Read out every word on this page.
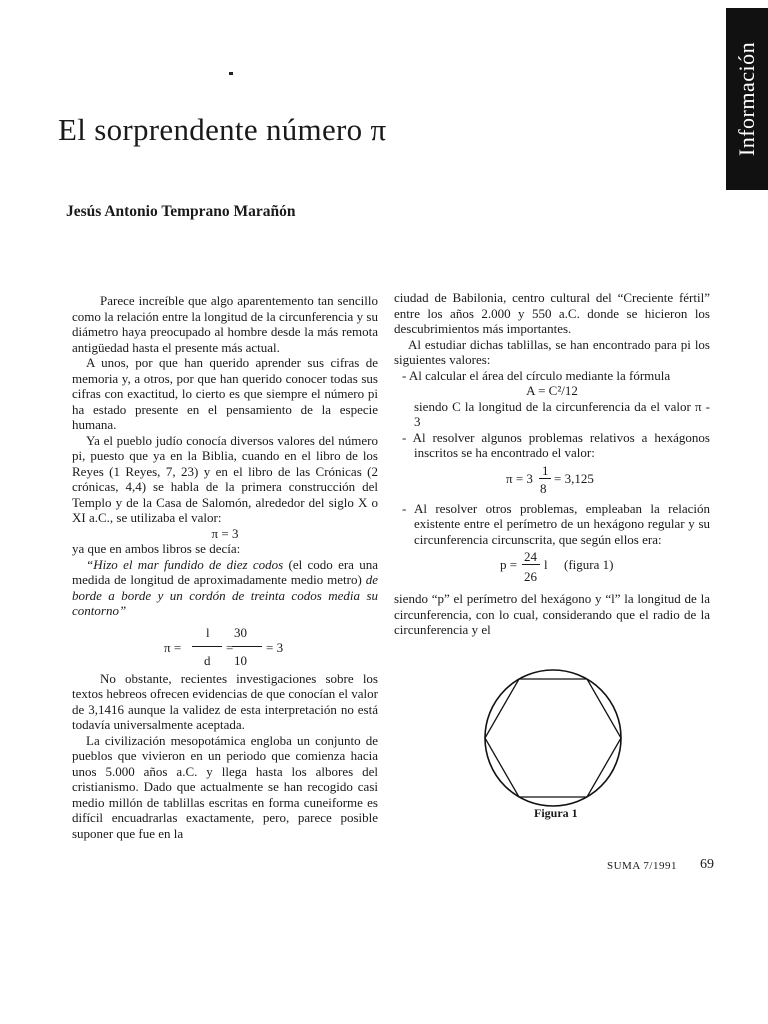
Información
El sorprendente número π
Jesús Antonio Temprano Marañón

Parece increíble que algo aparentemento tan sencillo como la relación entre la longitud de la circunferencia y su diámetro haya preocupado al hombre desde la más remota antigüedad hasta el presente más actual.

A unos, por que han querido aprender sus cifras de memoria y, a otros, por que han querido conocer todas sus cifras con exactitud, lo cierto es que siempre el número pi ha estado presente en el pensamiento de la especie humana.

Ya el pueblo judío conocía diversos valores del número pi, puesto que ya en la Biblia, cuando en el libro de los Reyes (1 Reyes, 7, 23) y en el libro de las Crónicas (2 crónicas, 4,4) se habla de la primera construcción del Templo y de la Casa de Salomón, alrededor del siglo X o XI a.C., se utilizaba el valor:

π = 3

ya que en ambos libros se decía:

“Hizo el mar fundido de diez codos (el codo era una medida de longitud de aproximadamente medio metro) de borde a borde y un cordón de treinta codos media su contorno”

l
π =
d
=
30
10
= 3

No obstante, recientes investigaciones sobre los textos hebreos ofrecen evidencias de que conocían el valor de 3,1416 aunque la validez de esta interpretación no está todavía universalmente aceptada.

La civilización mesopotámica engloba un conjunto de pueblos que vivieron en un periodo que comienza hacia unos 5.000 años a.C. y llega hasta los albores del cristianismo. Dado que actualmente se han recogido casi medio millón de tablillas escritas en forma cuneiforme es difícil encuadrarlas exactamente, pero, parece posible suponer que fue en la

ciudad de Babilonia, centro cultural del “Creciente fértil” entre los años 2.000 y 550 a.C. donde se hicieron los descubrimientos más importantes.

Al estudiar dichas tablillas, se han encontrado para pi los siguientes valores:

- Al calcular el área del círculo mediante la fórmula

A = C²/12

siendo C la longitud de la circunferencia da el valor π - 3

- Al resolver algunos problemas relativos a hexágonos inscritos se ha encontrado el valor:

π = 3
1
8
= 3,125

- Al resolver otros problemas, empleaban la relación existente entre el perímetro de un hexágono regular y su circunferencia circunscrita, que según ellos era:

p =
24
26
l (figura 1)

siendo “p” el perímetro del hexágono y “l” la longitud de la circunferencia, con lo cual, considerando que el radio de la circunferencia y el

Figura 1
SUMA 7/1991 69
